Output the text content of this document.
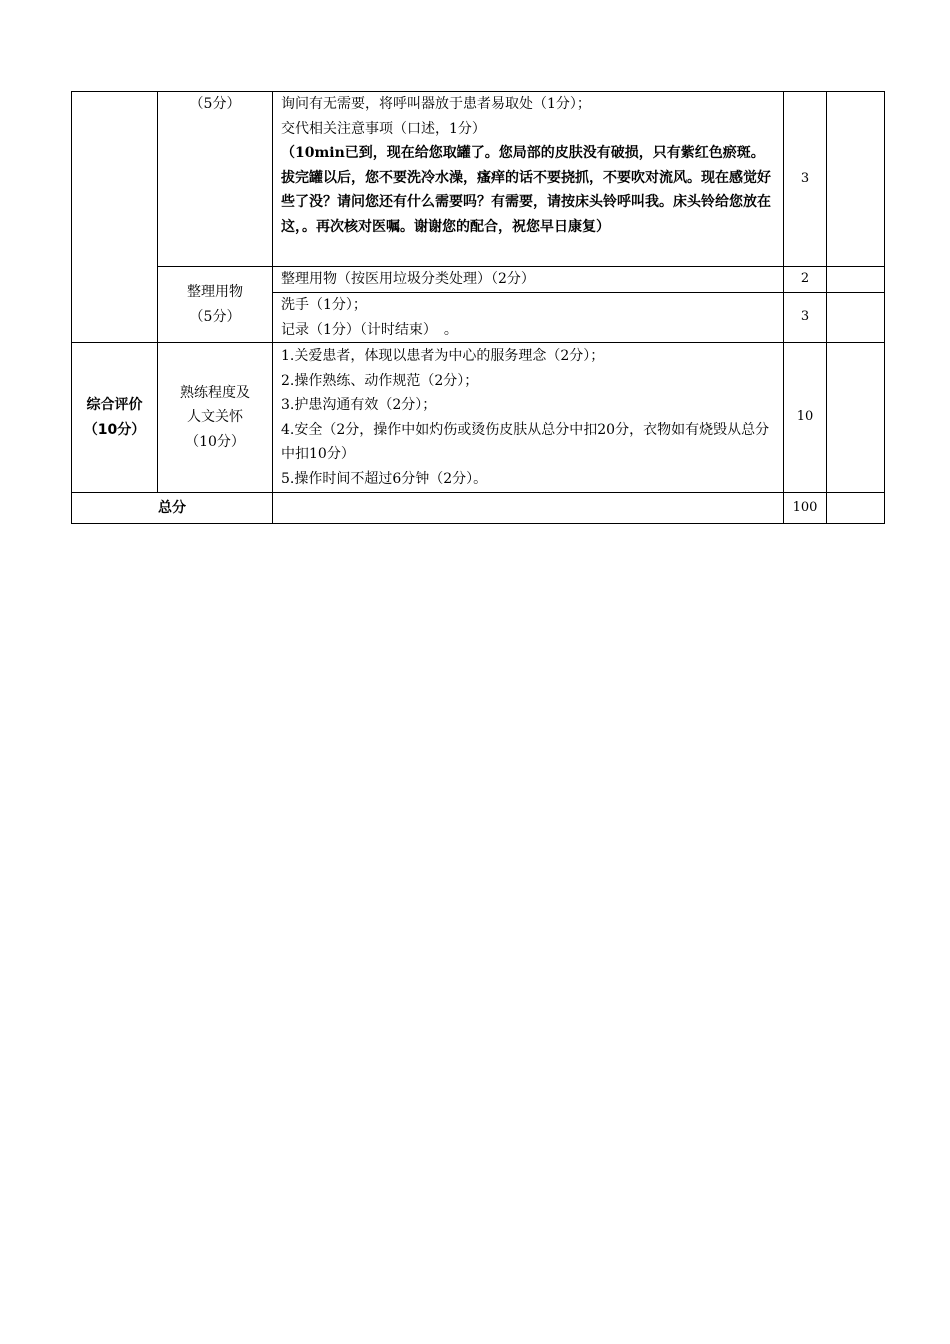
	（5分）	询问有无需要，将呼叫器放于患者易取处（1分）；
交代相关注意事项（口述，1分）
（10min已到，现在给您取罐了。您局部的皮肤没有破损，只有紫红色瘀斑。拔完罐以后，您不要洗冷水澡，瘙痒的话不要挠抓，不要吹对流风。现在感觉好些了没？请问您还有什么需要吗？有需要，请按床头铃呼叫我。床头铃给您放在这，。再次核对医嘱。谢谢您的配合，祝您早日康复）	3	

	整理用物
（5分）	整理用物（按医用垃圾分类处理）（2分）	2	

		洗手（1分）；
记录（1分）（计时结束）　。	3	

综合评价
（10分）	熟练程度及
人文关怀
（10分）	1.关爱患者，体现以患者为中心的服务理念（2分）；
2.操作熟练、动作规范（2分）；
3.护患沟通有效（2分）；
4.安全（2分，操作中如灼伤或烫伤皮肤从总分中扣20分，衣物如有烧毁从总分中扣10分）
5.操作时间不超过6分钟（2分）。	10	
总分			100	
